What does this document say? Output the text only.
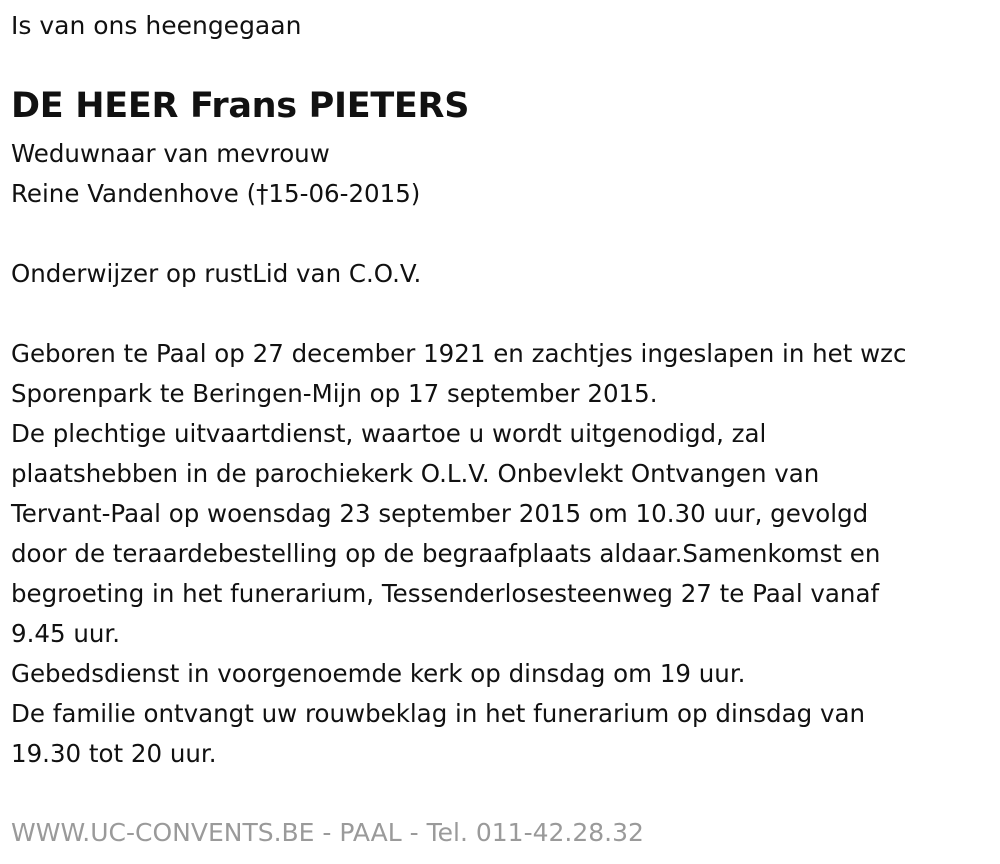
Is van ons heengegaan
DE HEER Frans PIETERS
Weduwnaar van mevrouw
Reine Vandenhove (†15-06-2015)
Onderwijzer op rustLid van C.O.V.
Geboren te Paal op 27 december 1921 en zachtjes ingeslapen in het wzc
Sporenpark te Beringen-Mijn op 17 september 2015.
De plechtige uitvaartdienst, waartoe u wordt uitgenodigd, zal
plaatshebben in de parochiekerk O.L.V. Onbevlekt Ontvangen van
Tervant-Paal op woensdag 23 september 2015 om 10.30 uur, gevolgd
door de teraardebestelling op de begraafplaats aldaar.Samenkomst en
begroeting in het funerarium, Tessenderlosesteenweg 27 te Paal vanaf
9.45 uur.
Gebedsdienst in voorgenoemde kerk op dinsdag om 19 uur.
De familie ontvangt uw rouwbeklag in het funerarium op dinsdag van
19.30 tot 20 uur.
WWW.UC-CONVENTS.BE - PAAL - Tel. 011-42.28.32
